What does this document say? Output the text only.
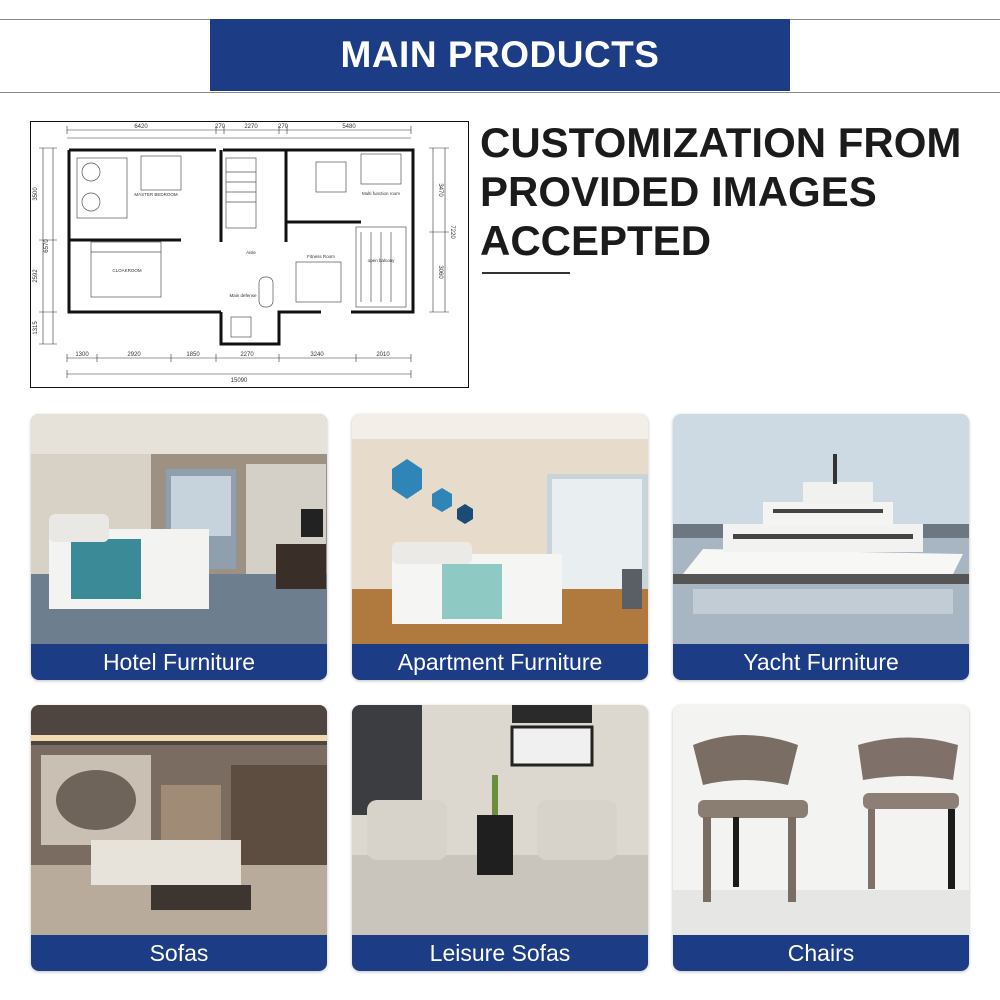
MAIN PRODUCTS
6420	270	2270	270	5480
1300	2920	1850	2270	3240	2010
15090
3500
2592
1315
6570
3470
3060
7220
MASTER BEDROOM
CLOAKROOM
Aisle
Main defense
Multi function room
Fitness Room
open balcony
CUSTOMIZATION FROM
PROVIDED IMAGES
ACCEPTED
Hotel Furniture	Apartment Furniture	Yacht Furniture
Sofas	Leisure Sofas	Chairs
